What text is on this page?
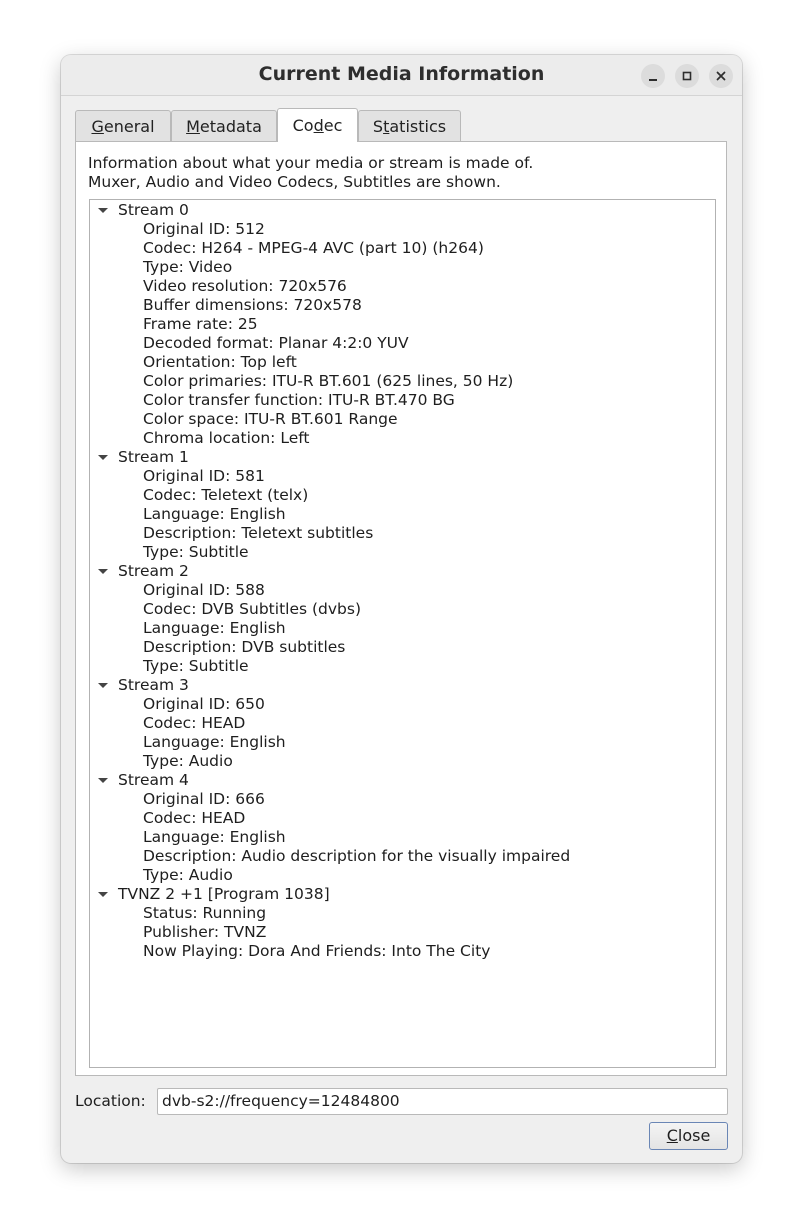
Current Media Information
General	Metadata	Codec	Statistics
Information about what your media or stream is made of.
Muxer, Audio and Video Codecs, Subtitles are shown.
Stream 0
Original ID: 512
Codec: H264 - MPEG-4 AVC (part 10) (h264)
Type: Video
Video resolution: 720x576
Buffer dimensions: 720x578
Frame rate: 25
Decoded format: Planar 4:2:0 YUV
Orientation: Top left
Color primaries: ITU-R BT.601 (625 lines, 50 Hz)
Color transfer function: ITU-R BT.470 BG
Color space: ITU-R BT.601 Range
Chroma location: Left
Stream 1
Original ID: 581
Codec: Teletext (telx)
Language: English
Description: Teletext subtitles
Type: Subtitle
Stream 2
Original ID: 588
Codec: DVB Subtitles (dvbs)
Language: English
Description: DVB subtitles
Type: Subtitle
Stream 3
Original ID: 650
Codec: HEAD
Language: English
Type: Audio
Stream 4
Original ID: 666
Codec: HEAD
Language: English
Description: Audio description for the visually impaired
Type: Audio
TVNZ 2 +1 [Program 1038]
Status: Running
Publisher: TVNZ
Now Playing: Dora And Friends: Into The City
Location:	dvb-s2://frequency=12484800
Close
